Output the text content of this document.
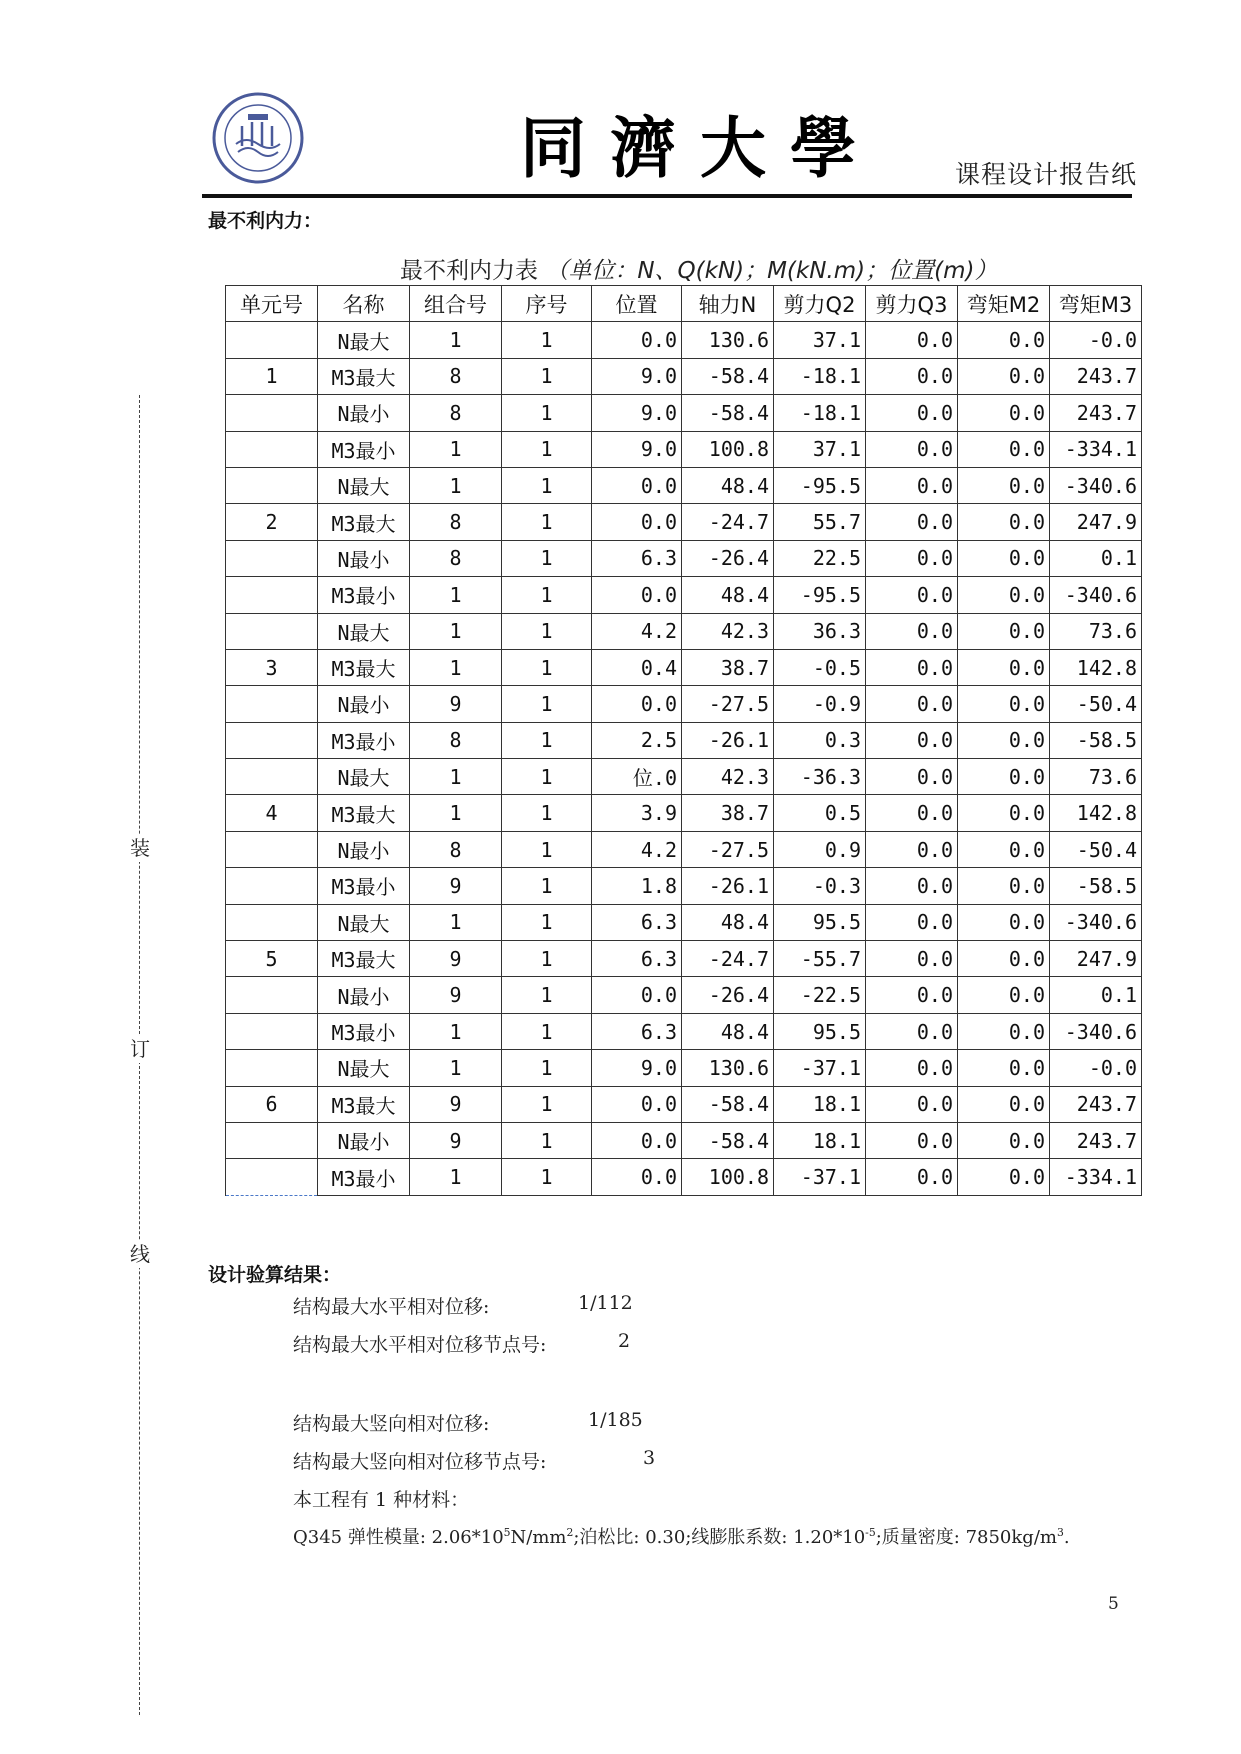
同濟大學	课程设计报告纸
装
订
线
最不利内力：
最不利内力表 （单位：N、Q(kN)；M(kN.m)；位置(m)）
单元号	名称	组合号	序号	位置	轴力N	剪力Q2	剪力Q3	弯矩M2	弯矩M3
	N最大	1	1	0.0	130.6	37.1	0.0	0.0	-0.0
1	M3最大	8	1	9.0	-58.4	-18.1	0.0	0.0	243.7
	N最小	8	1	9.0	-58.4	-18.1	0.0	0.0	243.7
	M3最小	1	1	9.0	100.8	37.1	0.0	0.0	-334.1
	N最大	1	1	0.0	48.4	-95.5	0.0	0.0	-340.6
2	M3最大	8	1	0.0	-24.7	55.7	0.0	0.0	247.9
	N最小	8	1	6.3	-26.4	22.5	0.0	0.0	0.1
	M3最小	1	1	0.0	48.4	-95.5	0.0	0.0	-340.6
	N最大	1	1	4.2	42.3	36.3	0.0	0.0	73.6
3	M3最大	1	1	0.4	38.7	-0.5	0.0	0.0	142.8
	N最小	9	1	0.0	-27.5	-0.9	0.0	0.0	-50.4
	M3最小	8	1	2.5	-26.1	0.3	0.0	0.0	-58.5
	N最大	1	1	位.0	42.3	-36.3	0.0	0.0	73.6
4	M3最大	1	1	3.9	38.7	0.5	0.0	0.0	142.8
	N最小	8	1	4.2	-27.5	0.9	0.0	0.0	-50.4
	M3最小	9	1	1.8	-26.1	-0.3	0.0	0.0	-58.5
	N最大	1	1	6.3	48.4	95.5	0.0	0.0	-340.6
5	M3最大	9	1	6.3	-24.7	-55.7	0.0	0.0	247.9
	N最小	9	1	0.0	-26.4	-22.5	0.0	0.0	0.1
	M3最小	1	1	6.3	48.4	95.5	0.0	0.0	-340.6
	N最大	1	1	9.0	130.6	-37.1	0.0	0.0	-0.0
6	M3最大	9	1	0.0	-58.4	18.1	0.0	0.0	243.7
	N最小	9	1	0.0	-58.4	18.1	0.0	0.0	243.7
	M3最小	1	1	0.0	100.8	-37.1	0.0	0.0	-334.1
设计验算结果：
结构最大水平相对位移:	1/112
结构最大水平相对位移节点号:	2
结构最大竖向相对位移:	1/185
结构最大竖向相对位移节点号:	3
本工程有 1 种材料：
Q345 弹性模量: $2.06*10^5N/mm^2$;泊松比: 0.30;线膨胀系数: $1.20*10^{-5}$;质量密度: $7850kg/m^3$.
5
